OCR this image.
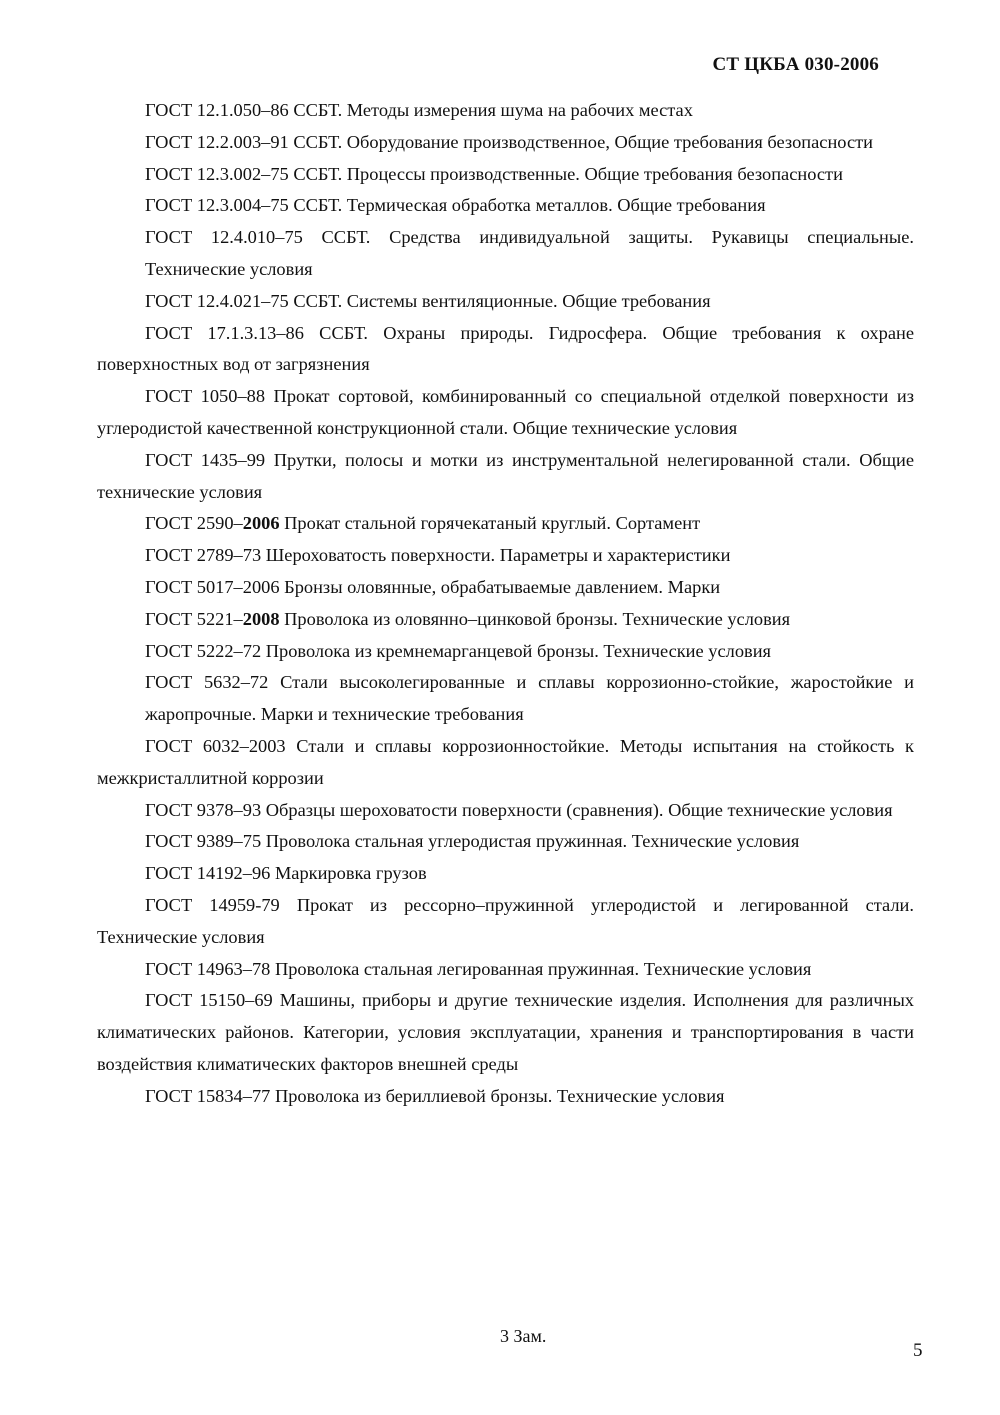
СТ ЦКБА 030-2006

ГОСТ 12.1.050–86 ССБТ. Методы измерения шума на рабочих местах

ГОСТ 12.2.003–91 ССБТ. Оборудование производственное, Общие требования безопасности

ГОСТ 12.3.002–75 ССБТ. Процессы производственные. Общие требования безопасности

ГОСТ 12.3.004–75 ССБТ. Термическая обработка металлов. Общие требования

ГОСТ 12.4.010–75 ССБТ. Средства индивидуальной защиты. Рукавицы специальные. Технические условия

ГОСТ 12.4.021–75 ССБТ. Системы вентиляционные. Общие требования

ГОСТ 17.1.3.13–86 ССБТ. Охраны природы. Гидросфера. Общие требования к охране поверхностных вод от загрязнения

ГОСТ 1050–88 Прокат сортовой, комбинированный со специальной отделкой поверхности из углеродистой качественной конструкционной стали. Общие технические условия

ГОСТ 1435–99 Прутки, полосы и мотки из инструментальной нелегированной стали. Общие технические условия

ГОСТ 2590–2006 Прокат стальной горячекатаный круглый. Сортамент

ГОСТ 2789–73 Шероховатость поверхности. Параметры и характеристики

ГОСТ 5017–2006 Бронзы оловянные, обрабатываемые давлением. Марки

ГОСТ 5221–2008 Проволока из оловянно–цинковой бронзы. Технические условия

ГОСТ 5222–72 Проволока из кремнемарганцевой бронзы. Технические условия

ГОСТ 5632–72 Стали высоколегированные и сплавы коррозионно-стойкие, жаростойкие и жаропрочные. Марки и технические требования

ГОСТ 6032–2003 Стали и сплавы коррозионностойкие. Методы испытания на стойкость к межкристаллитной коррозии

ГОСТ 9378–93 Образцы шероховатости поверхности (сравнения). Общие технические условия

ГОСТ 9389–75 Проволока стальная углеродистая пружинная. Технические условия

ГОСТ 14192–96 Маркировка грузов

ГОСТ 14959-79 Прокат из рессорно–пружинной углеродистой и легированной стали. Технические условия

ГОСТ 14963–78 Проволока стальная легированная пружинная. Технические условия

ГОСТ 15150–69 Машины, приборы и другие технические изделия. Исполнения для различных климатических районов. Категории, условия эксплуатации, хранения и транспортирования в части воздействия климатических факторов внешней среды

ГОСТ 15834–77 Проволока из бериллиевой бронзы. Технические условия

3 Зам.
5
